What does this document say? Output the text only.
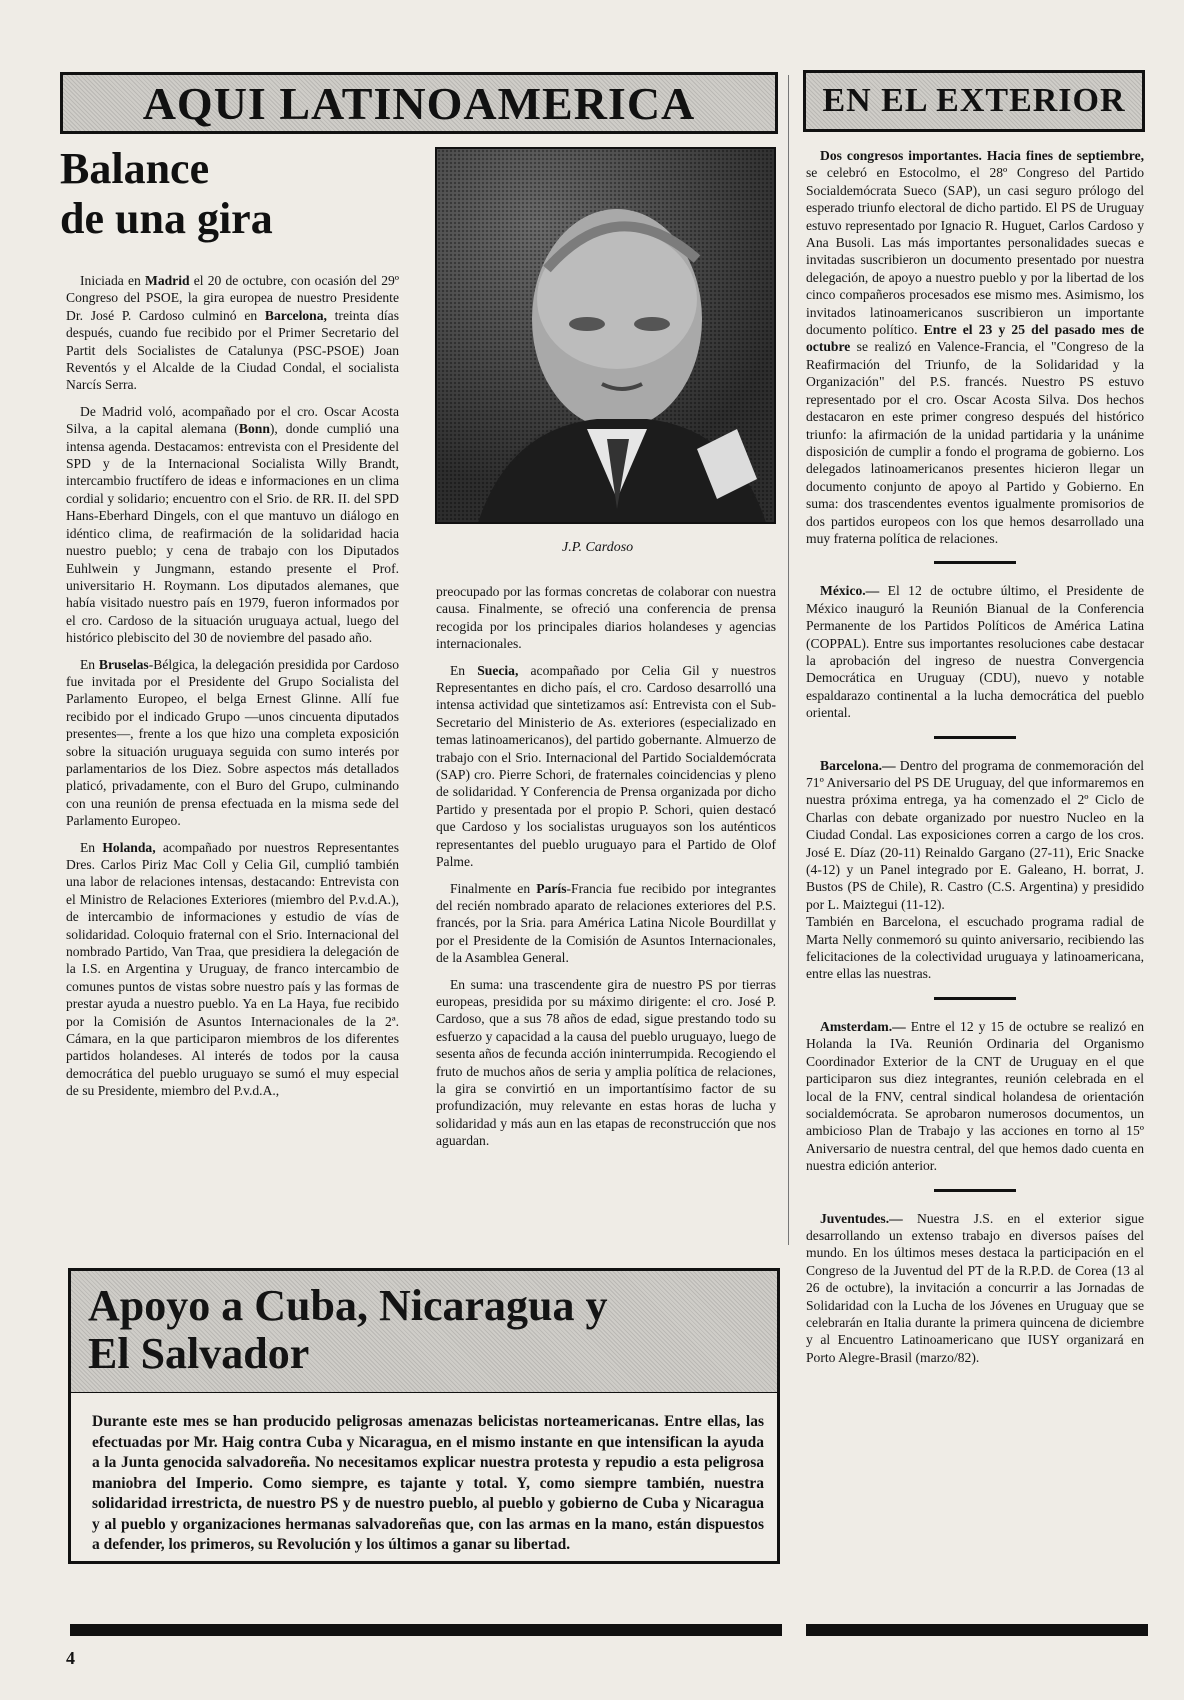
AQUI LATINOAMERICA	EN EL EXTERIOR
Balance
de una gira
J.P. Cardoso

Iniciada en Madrid el 20 de octubre, con ocasión del 29º Congreso del PSOE, la gira europea de nuestro Presidente Dr. José P. Cardoso culminó en Barcelona, treinta días después, cuando fue recibido por el Primer Secretario del Partit dels Socialistes de Catalunya (PSC-PSOE) Joan Reventós y el Alcalde de la Ciudad Condal, el socialista Narcís Serra.

De Madrid voló, acompañado por el cro. Oscar Acosta Silva, a la capital alemana (Bonn), donde cumplió una intensa agenda. Destacamos: entrevista con el Presidente del SPD y de la Internacional Socialista Willy Brandt, intercambio fructífero de ideas e informaciones en un clima cordial y solidario; encuentro con el Srio. de RR. II. del SPD Hans-Eberhard Dingels, con el que mantuvo un diálogo en idéntico clima, de reafirmación de la solidaridad hacia nuestro pueblo; y cena de trabajo con los Diputados Euhlwein y Jungmann, estando presente el Prof. universitario H. Roymann. Los diputados alemanes, que había visitado nuestro país en 1979, fueron informados por el cro. Cardoso de la situación uruguaya actual, luego del histórico plebiscito del 30 de noviembre del pasado año.

En Bruselas-Bélgica, la delegación presidida por Cardoso fue invitada por el Presidente del Grupo Socialista del Parlamento Europeo, el belga Ernest Glinne. Allí fue recibido por el indicado Grupo —unos cincuenta diputados presentes—, frente a los que hizo una completa exposición sobre la situación uruguaya seguida con sumo interés por parlamentarios de los Diez. Sobre aspectos más detallados platicó, privadamente, con el Buro del Grupo, culminando con una reunión de prensa efectuada en la misma sede del Parlamento Europeo.

En Holanda, acompañado por nuestros Representantes Dres. Carlos Piriz Mac Coll y Celia Gil, cumplió también una labor de relaciones intensas, destacando: Entrevista con el Ministro de Relaciones Exteriores (miembro del P.v.d.A.), de intercambio de informaciones y estudio de vías de solidaridad. Coloquio fraternal con el Srio. Internacional del nombrado Partido, Van Traa, que presidiera la delegación de la I.S. en Argentina y Uruguay, de franco intercambio de comunes puntos de vistas sobre nuestro país y las formas de prestar ayuda a nuestro pueblo. Ya en La Haya, fue recibido por la Comisión de Asuntos Internacionales de la 2ª. Cámara, en la que participaron miembros de los diferentes partidos holandeses. Al interés de todos por la causa democrática del pueblo uruguayo se sumó el muy especial de su Presidente, miembro del P.v.d.A.,

preocupado por las formas concretas de colaborar con nuestra causa. Finalmente, se ofreció una conferencia de prensa recogida por los principales diarios holandeses y agencias internacionales.

En Suecia, acompañado por Celia Gil y nuestros Representantes en dicho país, el cro. Cardoso desarrolló una intensa actividad que sintetizamos así: Entrevista con el Sub-Secretario del Ministerio de As. exteriores (especializado en temas latinoamericanos), del partido gobernante. Almuerzo de trabajo con el Srio. Internacional del Partido Socialdemócrata (SAP) cro. Pierre Schori, de fraternales coincidencias y pleno de solidaridad. Y Conferencia de Prensa organizada por dicho Partido y presentada por el propio P. Schori, quien destacó que Cardoso y los socialistas uruguayos son los auténticos representantes del pueblo uruguayo para el Partido de Olof Palme.

Finalmente en París-Francia fue recibido por integrantes del recién nombrado aparato de relaciones exteriores del P.S. francés, por la Sria. para América Latina Nicole Bourdillat y por el Presidente de la Comisión de Asuntos Internacionales, de la Asamblea General.

En suma: una trascendente gira de nuestro PS por tierras europeas, presidida por su máximo dirigente: el cro. José P. Cardoso, que a sus 78 años de edad, sigue prestando todo su esfuerzo y capacidad a la causa del pueblo uruguayo, luego de sesenta años de fecunda acción ininterrumpida. Recogiendo el fruto de muchos años de seria y amplia política de relaciones, la gira se convirtió en un importantísimo factor de su profundización, muy relevante en estas horas de lucha y solidaridad y más aun en las etapas de reconstrucción que nos aguardan.

Dos congresos importantes. Hacia fines de septiembre, se celebró en Estocolmo, el 28º Congreso del Partido Socialdemócrata Sueco (SAP), un casi seguro prólogo del esperado triunfo electoral de dicho partido. El PS de Uruguay estuvo representado por Ignacio R. Huguet, Carlos Cardoso y Ana Busoli. Las más importantes personalidades suecas e invitadas suscribieron un documento presentado por nuestra delegación, de apoyo a nuestro pueblo y por la libertad de los cinco compañeros procesados ese mismo mes. Asimismo, los invitados latinoamericanos suscribieron un importante documento político. Entre el 23 y 25 del pasado mes de octubre se realizó en Valence-Francia, el "Congreso de la Reafirmación del Triunfo, de la Solidaridad y la Organización" del P.S. francés. Nuestro PS estuvo representado por el cro. Oscar Acosta Silva. Dos hechos destacaron en este primer congreso después del histórico triunfo: la afirmación de la unidad partidaria y la unánime disposición de cumplir a fondo el programa de gobierno. Los delegados latinoamericanos presentes hicieron llegar un documento conjunto de apoyo al Partido y Gobierno. En suma: dos trascendentes eventos igualmente promisorios de dos partidos europeos con los que hemos desarrollado una muy fraterna política de relaciones.

México.— El 12 de octubre último, el Presidente de México inauguró la Reunión Bianual de la Conferencia Permanente de los Partidos Políticos de América Latina (COPPAL). Entre sus importantes resoluciones cabe destacar la aprobación del ingreso de nuestra Convergencia Democrática en Uruguay (CDU), nuevo y notable espaldarazo continental a la lucha democrática del pueblo oriental.

Barcelona.— Dentro del programa de conmemoración del 71º Aniversario del PS DE Uruguay, del que informaremos en nuestra próxima entrega, ya ha comenzado el 2º Ciclo de Charlas con debate organizado por nuestro Nucleo en la Ciudad Condal. Las exposiciones corren a cargo de los cros. José E. Díaz (20-11) Reinaldo Gargano (27-11), Eric Snacke (4-12) y un Panel integrado por E. Galeano, H. borrat, J. Bustos (PS de Chile), R. Castro (C.S. Argentina) y presidido por L. Maiztegui (11-12).

También en Barcelona, el escuchado programa radial de Marta Nelly conmemoró su quinto aniversario, recibiendo las felicitaciones de la colectividad uruguaya y latinoamericana, entre ellas las nuestras.

Amsterdam.— Entre el 12 y 15 de octubre se realizó en Holanda la IVa. Reunión Ordinaria del Organismo Coordinador Exterior de la CNT de Uruguay en el que participaron sus diez integrantes, reunión celebrada en el local de la FNV, central sindical holandesa de orientación socialdemócrata. Se aprobaron numerosos documentos, un ambicioso Plan de Trabajo y las acciones en torno al 15º Aniversario de nuestra central, del que hemos dado cuenta en nuestra edición anterior.

Juventudes.— Nuestra J.S. en el exterior sigue desarrollando un extenso trabajo en diversos países del mundo. En los últimos meses destaca la participación en el Congreso de la Juventud del PT de la R.P.D. de Corea (13 al 26 de octubre), la invitación a concurrir a las Jornadas de Solidaridad con la Lucha de los Jóvenes en Uruguay que se celebrarán en Italia durante la primera quincena de diciembre y al Encuentro Latinoamericano que IUSY organizará en Porto Alegre-Brasil (marzo/82).

Apoyo a Cuba, Nicaragua y
El Salvador
Durante este mes se han producido peligrosas amenazas belicistas norteamericanas. Entre ellas, las efectuadas por Mr. Haig contra Cuba y Nicaragua, en el mismo instante en que intensifican la ayuda a la Junta genocida salvadoreña. No necesitamos explicar nuestra protesta y repudio a esta peligrosa maniobra del Imperio. Como siempre, es tajante y total. Y, como siempre también, nuestra solidaridad irrestricta, de nuestro PS y de nuestro pueblo, al pueblo y gobierno de Cuba y Nicaragua y al pueblo y organizaciones hermanas salvadoreñas que, con las armas en la mano, están dispuestos a defender, los primeros, su Revolución y los últimos a ganar su libertad.
4
